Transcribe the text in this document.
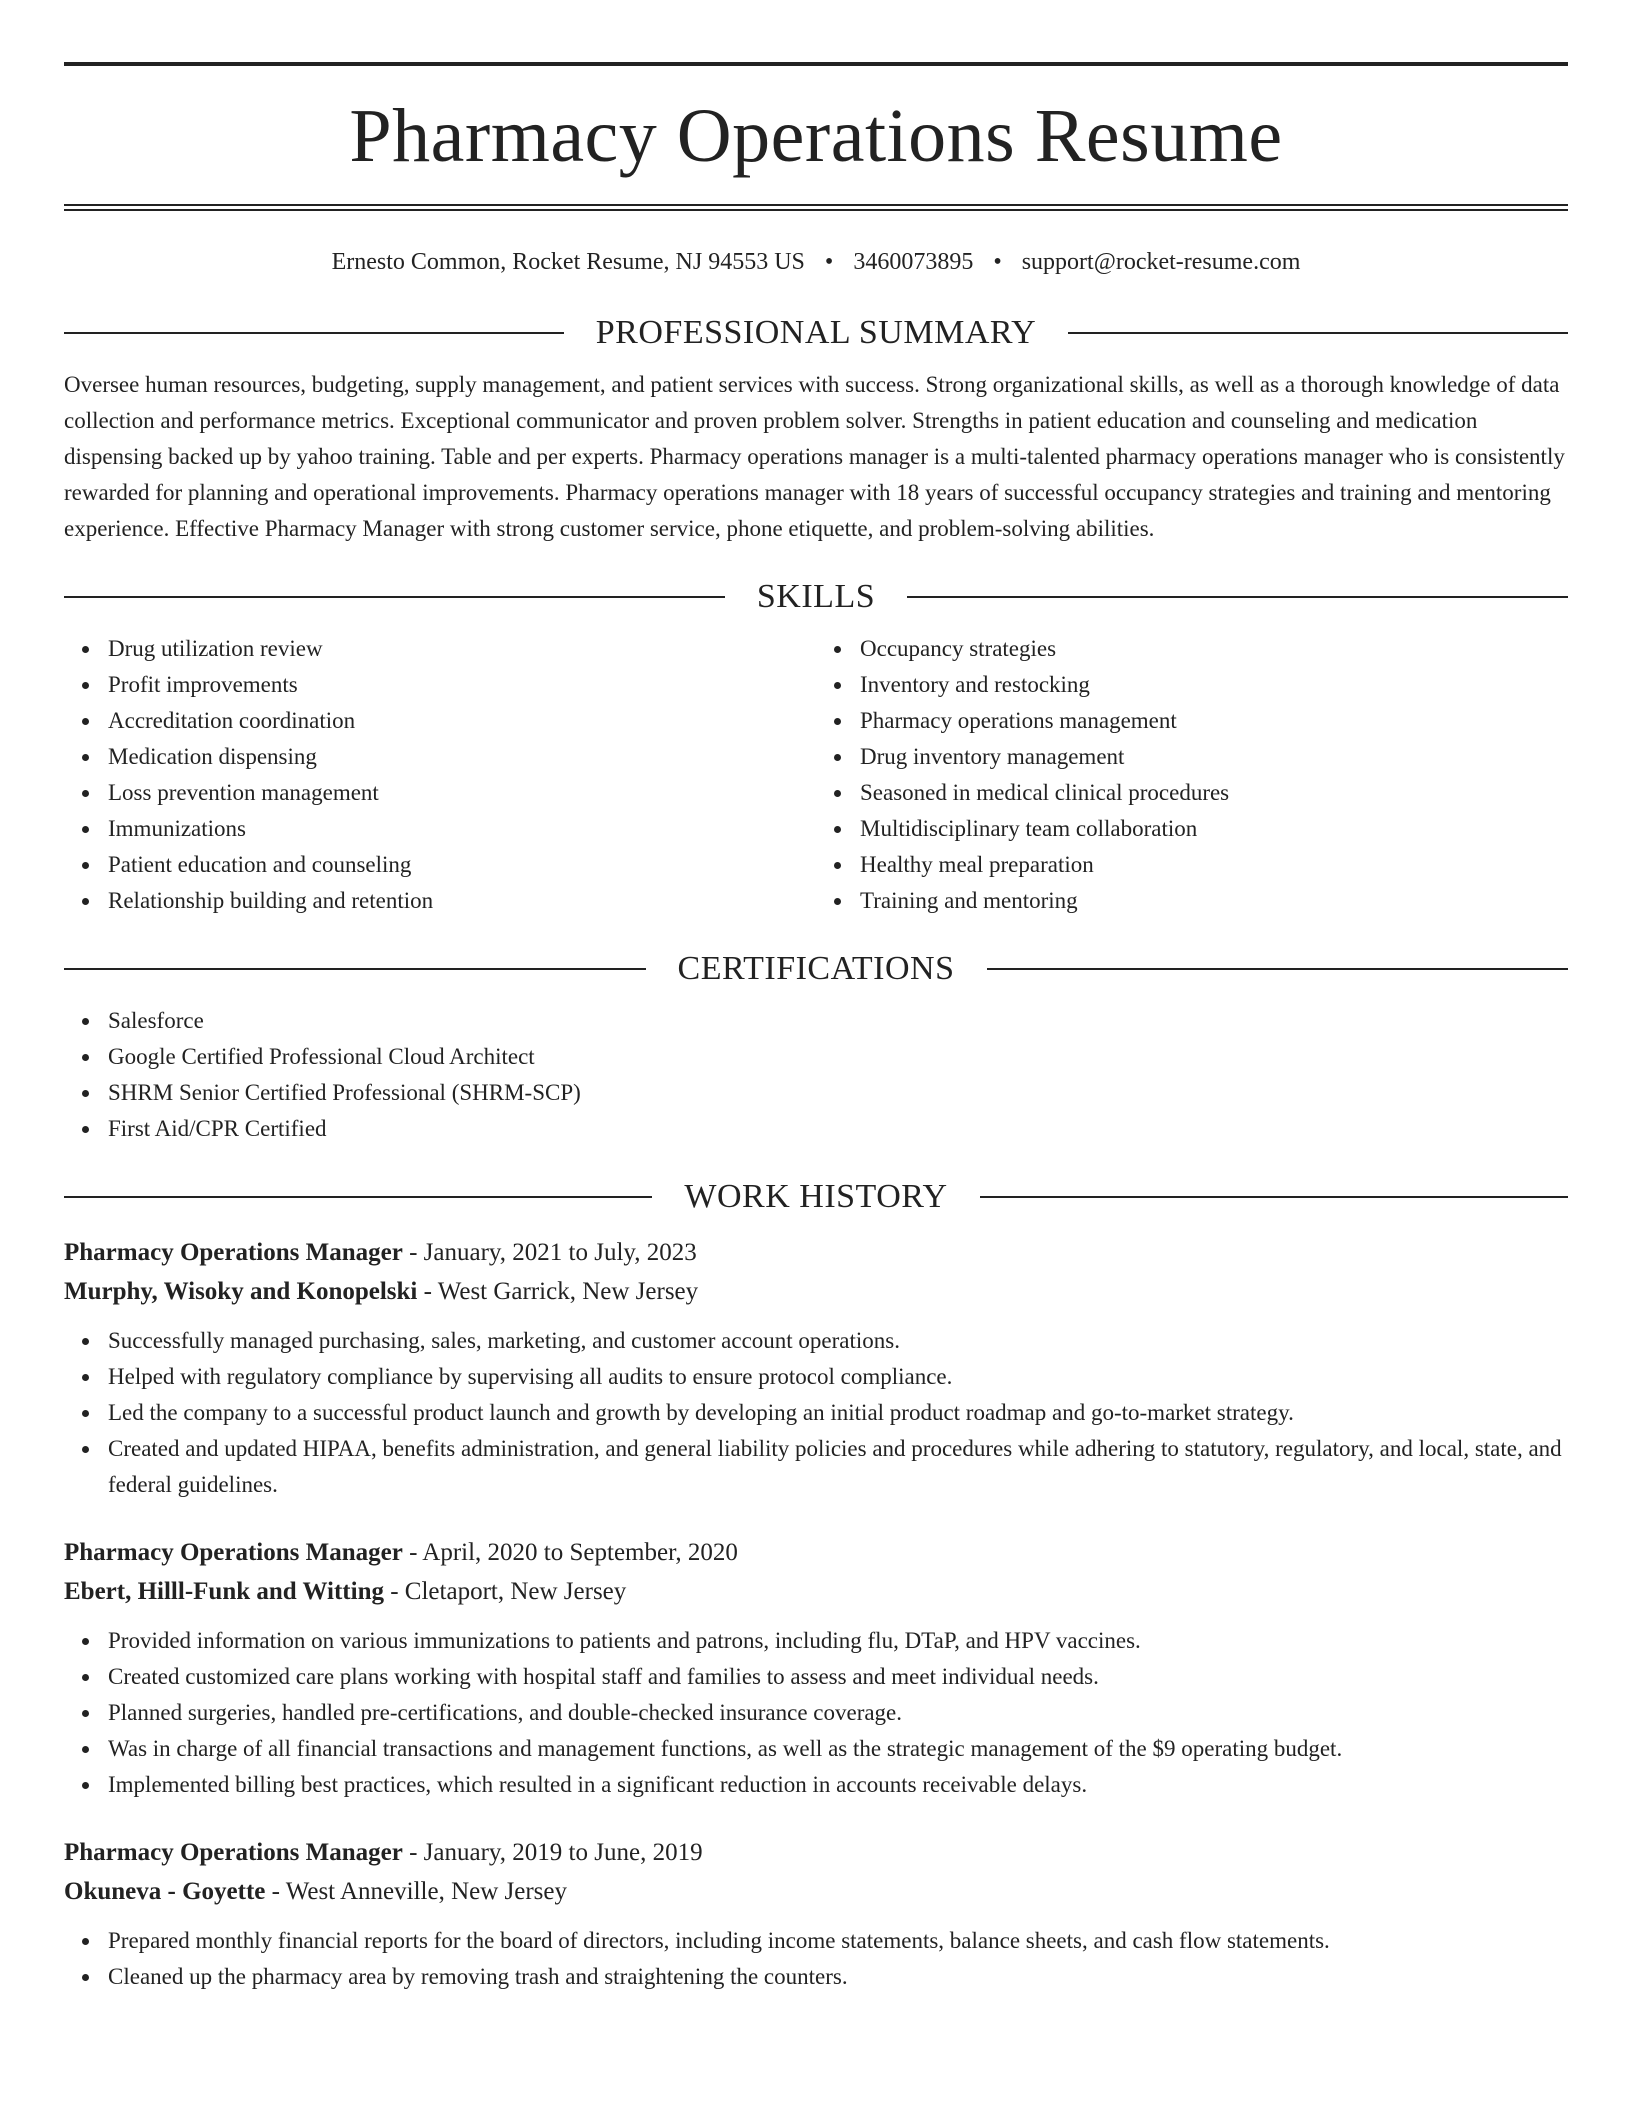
Pharmacy Operations Resume
Ernesto Common, Rocket Resume, NJ 94553 US • 3460073895 • support@rocket-resume.com
PROFESSIONAL SUMMARY

Oversee human resources, budgeting, supply management, and patient services with success. Strong organizational skills, as well as a thorough knowledge of data collection and performance metrics. Exceptional communicator and proven problem solver. Strengths in patient education and counseling and medication dispensing backed up by yahoo training. Table and per experts. Pharmacy operations manager is a multi-talented pharmacy operations manager who is consistently rewarded for planning and operational improvements. Pharmacy operations manager with 18 years of successful occupancy strategies and training and mentoring experience. Effective Pharmacy Manager with strong customer service, phone etiquette, and problem-solving abilities.

SKILLS
Drug utilization review
Profit improvements
Accreditation coordination
Medication dispensing
Loss prevention management
Immunizations
Patient education and counseling
Relationship building and retention
Occupancy strategies
Inventory and restocking
Pharmacy operations management
Drug inventory management
Seasoned in medical clinical procedures
Multidisciplinary team collaboration
Healthy meal preparation
Training and mentoring
CERTIFICATIONS
Salesforce
Google Certified Professional Cloud Architect
SHRM Senior Certified Professional (SHRM-SCP)
First Aid/CPR Certified
WORK HISTORY
Pharmacy Operations Manager - January, 2021 to July, 2023
Murphy, Wisoky and Konopelski - West Garrick, New Jersey
Successfully managed purchasing, sales, marketing, and customer account operations.
Helped with regulatory compliance by supervising all audits to ensure protocol compliance.
Led the company to a successful product launch and growth by developing an initial product roadmap and go-to-market strategy.
Created and updated HIPAA, benefits administration, and general liability policies and procedures while adhering to statutory, regulatory, and local, state, and federal guidelines.
Pharmacy Operations Manager - April, 2020 to September, 2020
Ebert, Hilll-Funk and Witting - Cletaport, New Jersey
Provided information on various immunizations to patients and patrons, including flu, DTaP, and HPV vaccines.
Created customized care plans working with hospital staff and families to assess and meet individual needs.
Planned surgeries, handled pre-certifications, and double-checked insurance coverage.
Was in charge of all financial transactions and management functions, as well as the strategic management of the $9 operating budget.
Implemented billing best practices, which resulted in a significant reduction in accounts receivable delays.
Pharmacy Operations Manager - January, 2019 to June, 2019
Okuneva - Goyette - West Anneville, New Jersey
Prepared monthly financial reports for the board of directors, including income statements, balance sheets, and cash flow statements.
Cleaned up the pharmacy area by removing trash and straightening the counters.
